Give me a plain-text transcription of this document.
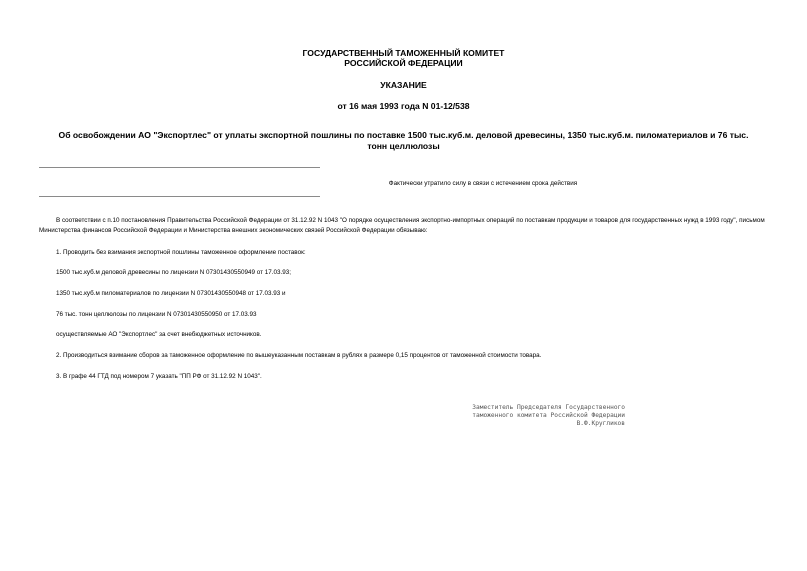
ГОСУДАРСТВЕННЫЙ ТАМОЖЕННЫЙ КОМИТЕТ
РОССИЙСКОЙ ФЕДЕРАЦИИ
УКАЗАНИЕ
от 16 мая 1993 года N 01-12/538
Об освобождении АО "Экспортлес" от уплаты экспортной пошлины по поставке 1500 тыс.куб.м. деловой древесины, 1350 тыс.куб.м. пиломатериалов и 76 тыс.
тонн целлюлозы
Фактически утратило силу в связи с истечением срока действия
В соответствии с п.10 постановления Правительства Российской Федерации от 31.12.92 N 1043 "О порядке осуществления экспортно-импортных операций по поставкам продукции и товаров для государственных нужд в 1993 году", письмом Министерства финансов Российской Федерации и Министерства внешних экономических связей Российской Федерации обязываю:
1. Проводить без взимания экспортной пошлины таможенное оформление поставок:
1500 тыс.куб.м деловой древесины по лицензии N 07301430550949 от 17.03.93;
1350 тыс.куб.м пиломатериалов по лицензии N 07301430550948 от 17.03.93 и
76 тыс. тонн целлюлозы по лицензии N 07301430550950 от 17.03.93
осуществляемые АО "Экспортлес" за счет внебюджетных источников.
2. Производиться взимание сборов за таможенное оформление по вышеуказанным поставкам в рублях в размере 0,15 процентов от таможенной стоимости товара.
3. В графе 44 ГТД под номером 7 указать "ПП РФ от 31.12.92 N 1043".
Заместитель Председателя Государственного
таможенного комитета Российской Федерации
В.Ф.Кругликов
